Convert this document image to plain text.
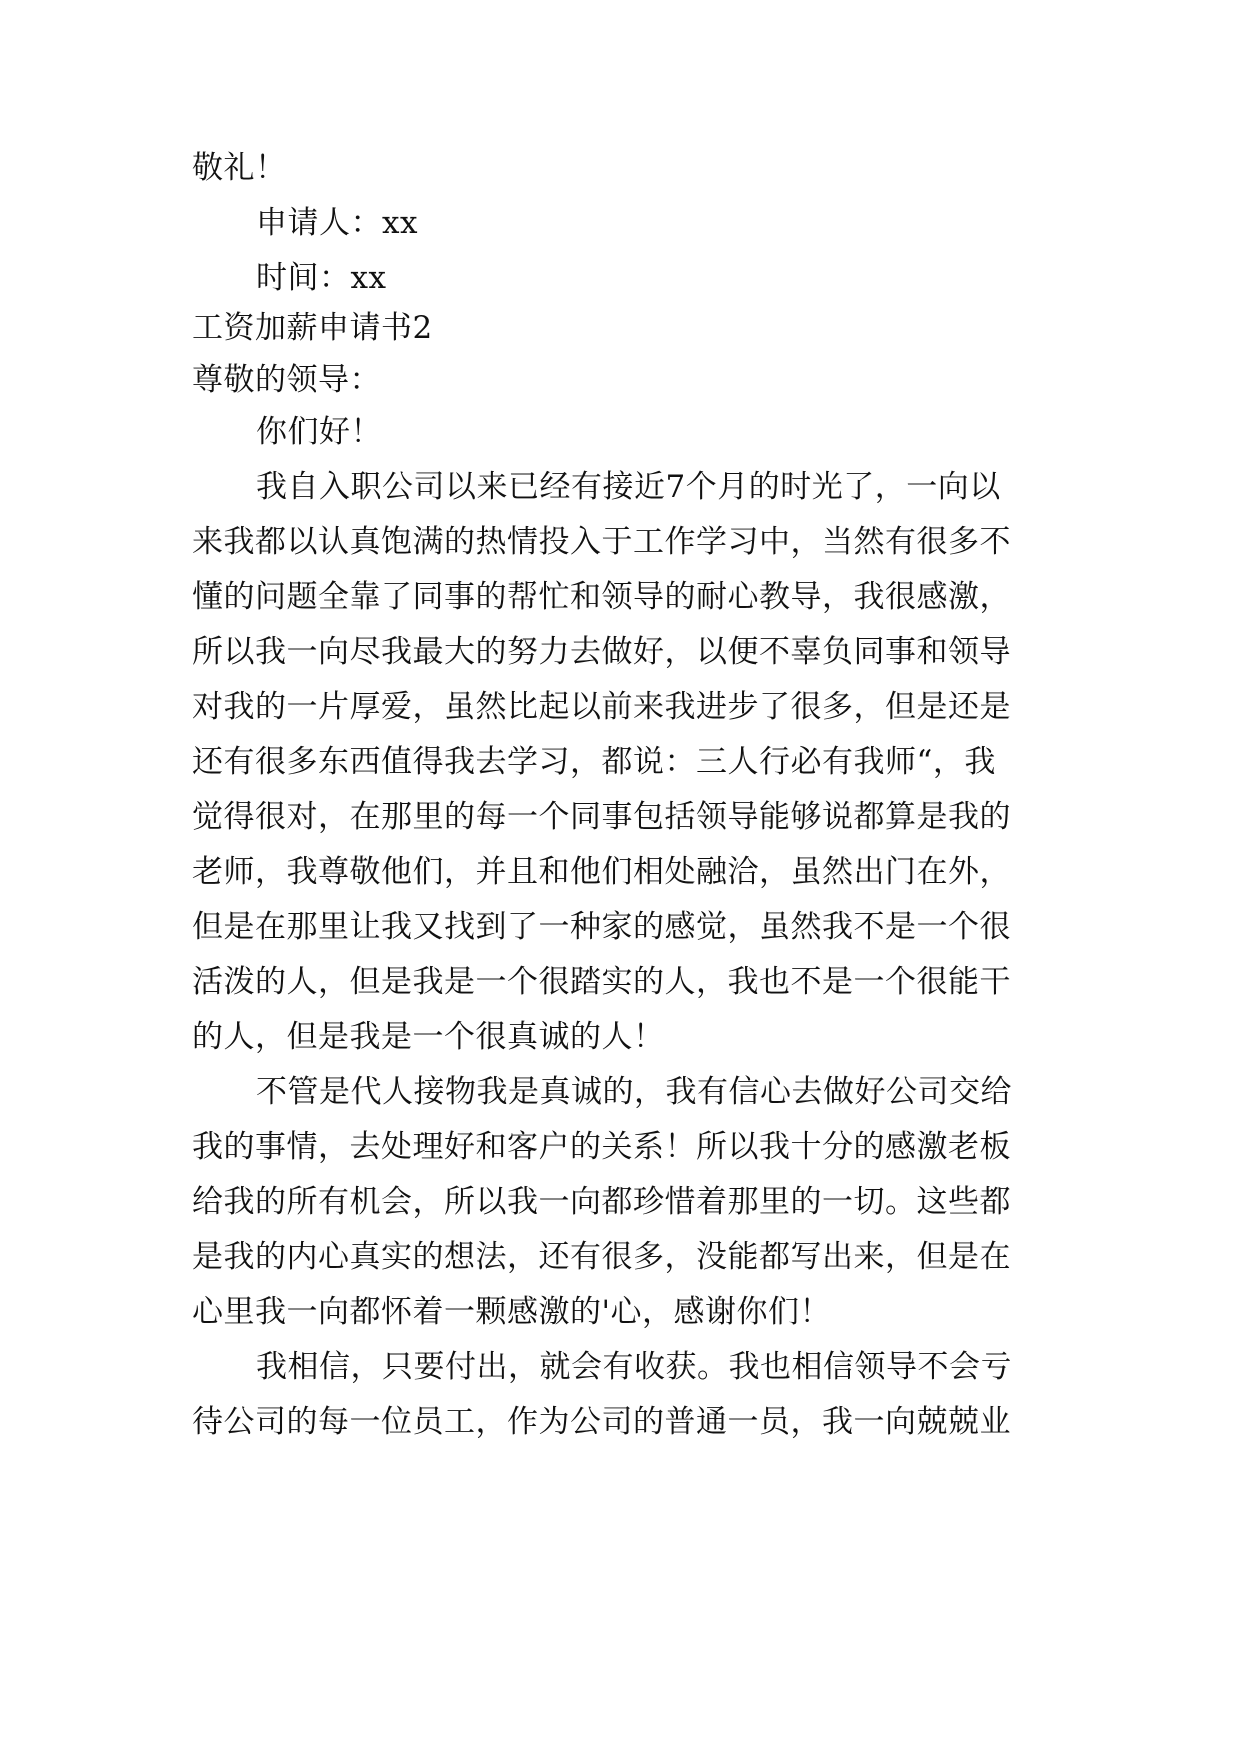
敬礼！
申请人：xx
时间：xx
工资加薪申请书2
尊敬的领导：
你们好！
我自入职公司以来已经有接近7个月的时光了，一向以
来我都以认真饱满的热情投入于工作学习中，当然有很多不
懂的问题全靠了同事的帮忙和领导的耐心教导，我很感激，
所以我一向尽我最大的努力去做好，以便不辜负同事和领导
对我的一片厚爱，虽然比起以前来我进步了很多，但是还是
还有很多东西值得我去学习，都说：三人行必有我师“，我
觉得很对，在那里的每一个同事包括领导能够说都算是我的
老师，我尊敬他们，并且和他们相处融洽，虽然出门在外，
但是在那里让我又找到了一种家的感觉，虽然我不是一个很
活泼的人，但是我是一个很踏实的人，我也不是一个很能干
的人，但是我是一个很真诚的人！
不管是代人接物我是真诚的，我有信心去做好公司交给
我的事情，去处理好和客户的关系！所以我十分的感激老板
给我的所有机会，所以我一向都珍惜着那里的一切。这些都
是我的内心真实的想法，还有很多，没能都写出来，但是在
心里我一向都怀着一颗感激的'心，感谢你们！
我相信，只要付出，就会有收获。我也相信领导不会亏
待公司的每一位员工，作为公司的普通一员，我一向兢兢业
